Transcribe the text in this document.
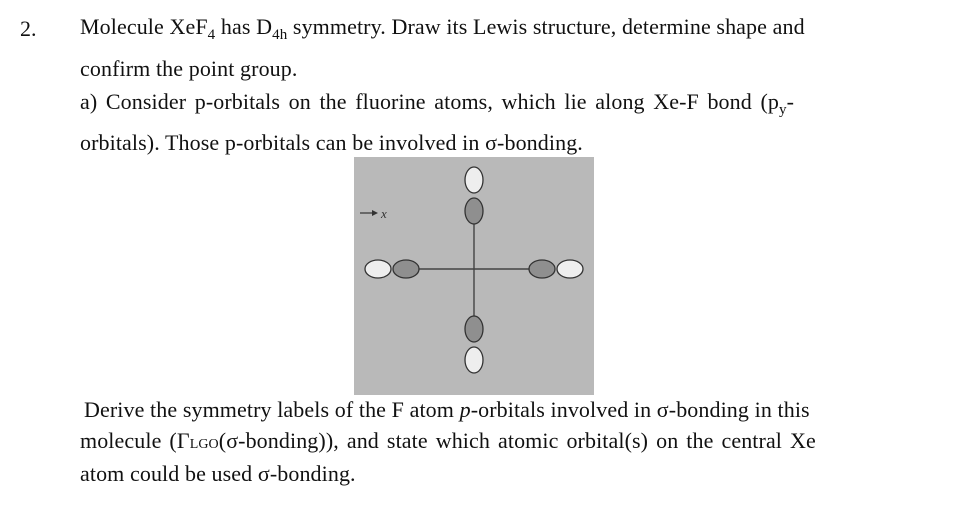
2. Molecule XeF$_4$ has $D_{4h}$ symmetry. Draw its Lewis structure, determine shape and
confirm the point group.
a) Consider p-orbitals on the fluorine atoms, which lie along Xe-F bond ($p_y-$
orbitals). Those p-orbitals can be involved in σ-bonding.
x
Derive the symmetry labels of the F atom p-orbitals involved in σ-bonding in this
molecule (ΓLGO(σ-bonding)), and state which atomic orbital(s) on the central Xe
atom could be used σ-bonding.
